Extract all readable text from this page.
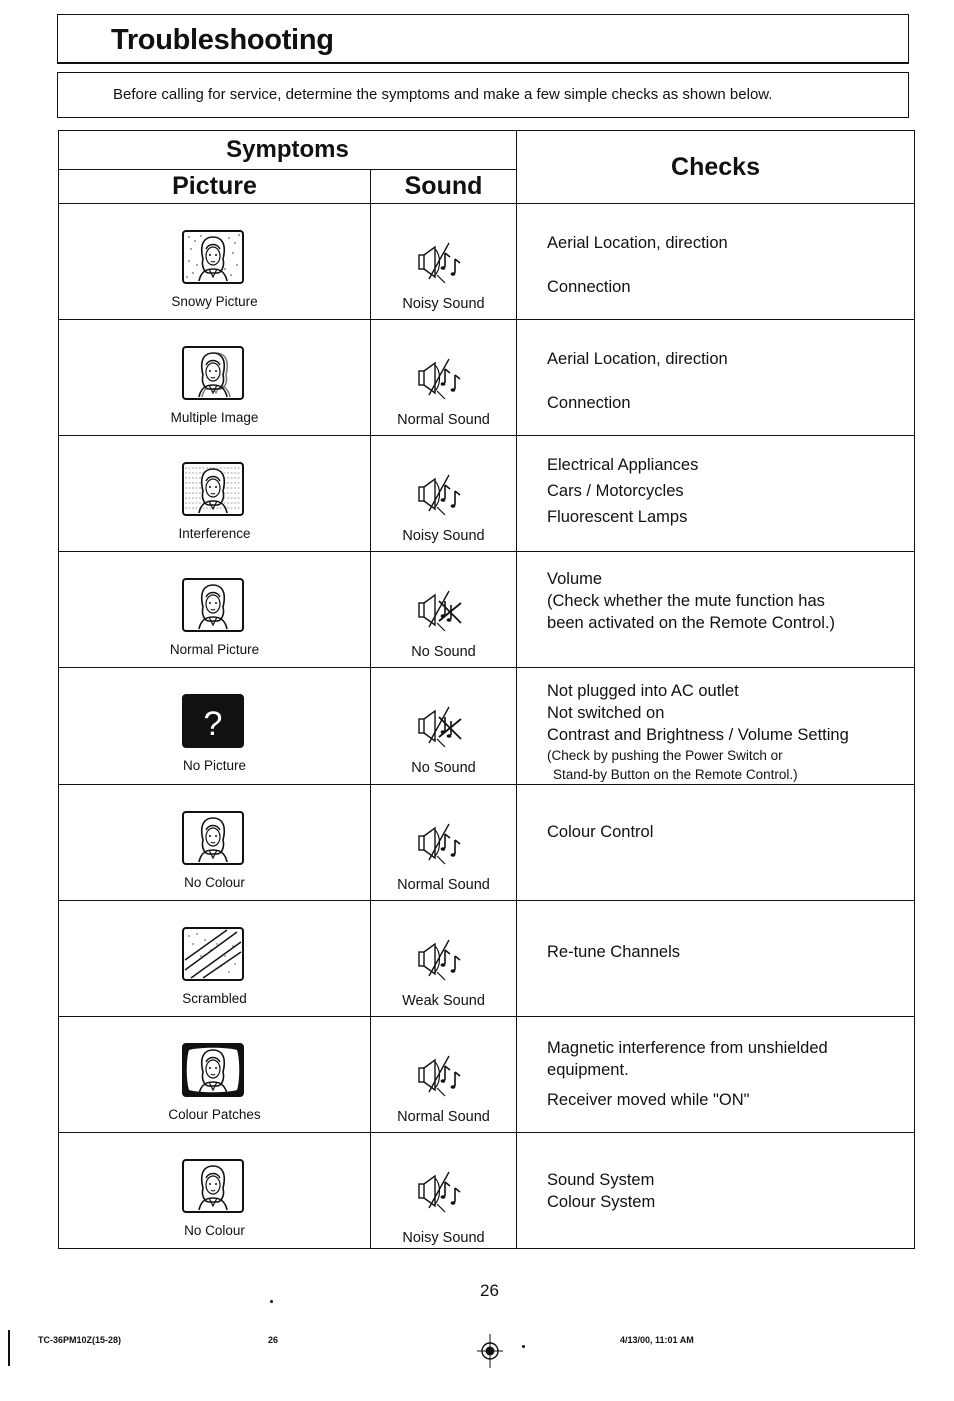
Troubleshooting
Before calling for service, determine the symptoms and make a few simple checks as shown below.
Symptoms		Checks
Picture	Sound	

Snowy Picture	Noisy Sound	Aerial Location, direction
Connection

Multiple Image	Normal Sound	Aerial Location, direction
Connection

Interference	Noisy Sound	Electrical Appliances
Cars / Motorcycles
Fluorescent Lamps

Normal Picture	No Sound	Volume
(Check whether the mute function has
been activated on the Remote Control.)

?
No Picture	No Sound	Not plugged into AC outlet
Not switched on
Contrast and Brightness / Volume Setting
(Check by pushing the Power Switch or
Stand-by Button on the Remote Control.)

No Colour	Normal Sound	Colour Control

Scrambled	Weak Sound	Re-tune Channels

Colour Patches	Normal Sound	Magnetic interference from unshielded
equipment.
Receiver moved while "ON"

No Colour	Noisy Sound	Sound System
Colour System
26
TC-36PM10Z(15-28)	26	4/13/00, 11:01 AM
